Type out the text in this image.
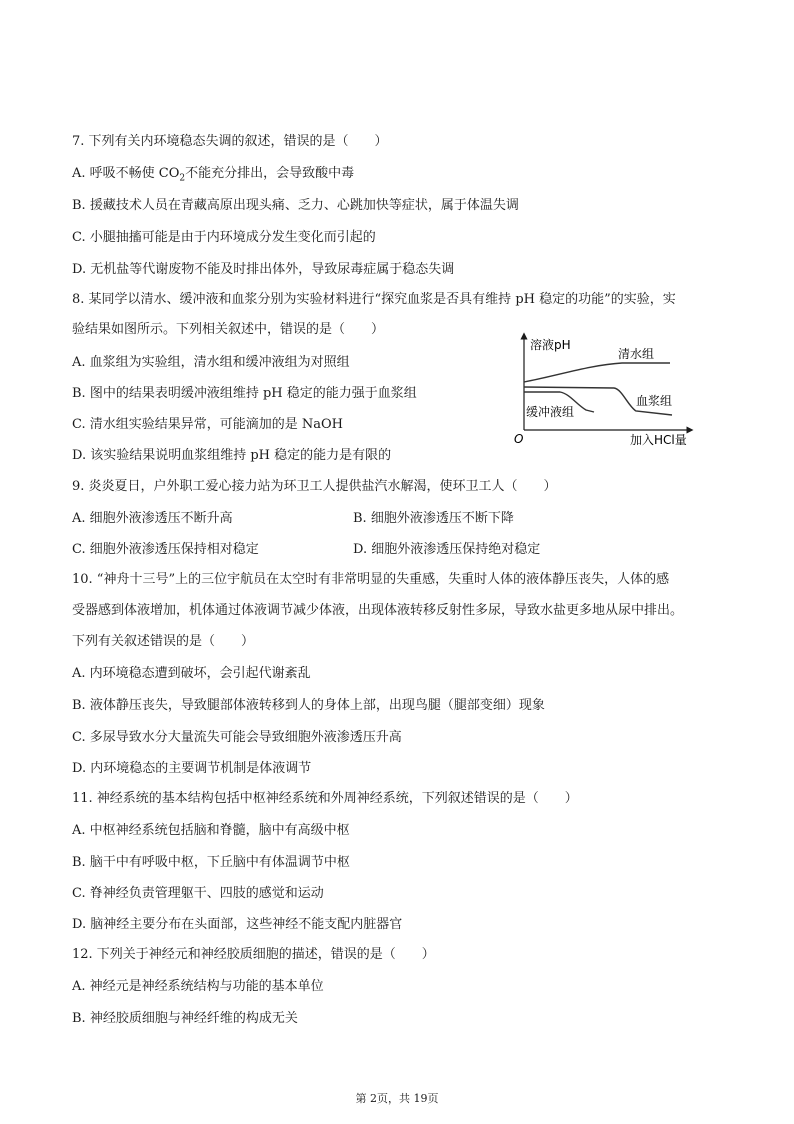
7. 下列有关内环境稳态失调的叙述，错误的是（　　）
A. 呼吸不畅使 $CO_2$不能充分排出，会导致酸中毒
B. 援藏技术人员在青藏高原出现头痛、乏力、心跳加快等症状，属于体温失调
C. 小腿抽搐可能是由于内环境成分发生变化而引起的
D. 无机盐等代谢废物不能及时排出体外，导致尿毒症属于稳态失调
8. 某同学以清水、缓冲液和血浆分别为实验材料进行“探究血浆是否具有维持 pH 稳定的功能”的实验，实
验结果如图所示。下列相关叙述中，错误的是（　　）
A. 血浆组为实验组，清水组和缓冲液组为对照组
B. 图中的结果表明缓冲液组维持 pH 稳定的能力强于血浆组
C. 清水组实验结果异常，可能滴加的是 NaOH
D. 该实验结果说明血浆组维持 pH 稳定的能力是有限的
溶液pH
清水组
血浆组
缓冲液组
O	加入HCl量
9. 炎炎夏日，户外职工爱心接力站为环卫工人提供盐汽水解渴，使环卫工人（　　）
A. 细胞外液渗透压不断升高	B. 细胞外液渗透压不断下降
C. 细胞外液渗透压保持相对稳定	D. 细胞外液渗透压保持绝对稳定
10. “神舟十三号”上的三位宇航员在太空时有非常明显的失重感，失重时人体的液体静压丧失，人体的感
受器感到体液增加，机体通过体液调节减少体液，出现体液转移反射性多尿，导致水盐更多地从尿中排出。
下列有关叙述错误的是（　　）
A. 内环境稳态遭到破坏，会引起代谢紊乱
B. 液体静压丧失，导致腿部体液转移到人的身体上部，出现鸟腿（腿部变细）现象
C. 多尿导致水分大量流失可能会导致细胞外液渗透压升高
D. 内环境稳态的主要调节机制是体液调节
11. 神经系统的基本结构包括中枢神经系统和外周神经系统，下列叙述错误的是（　　）
A. 中枢神经系统包括脑和脊髓，脑中有高级中枢
B. 脑干中有呼吸中枢，下丘脑中有体温调节中枢
C. 脊神经负责管理躯干、四肢的感觉和运动
D. 脑神经主要分布在头面部，这些神经不能支配内脏器官
12. 下列关于神经元和神经胶质细胞的描述，错误的是（　　）
A. 神经元是神经系统结构与功能的基本单位
B. 神经胶质细胞与神经纤维的构成无关
第 2页，共 19页
